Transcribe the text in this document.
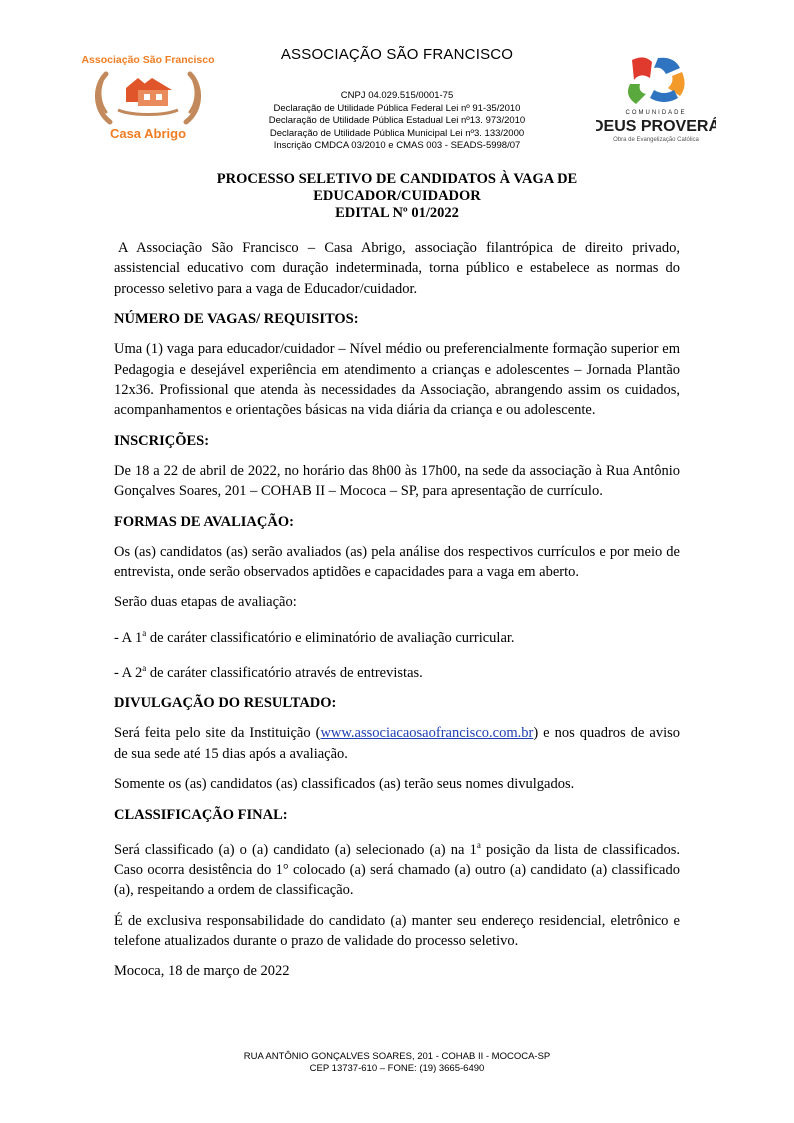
Associação São Francisco
Casa Abrigo
ASSOCIAÇÃO SÃO FRANCISCO
CNPJ 04.029.515/0001-75
Declaração de Utilidade Pública Federal Lei nº 91-35/2010
Declaração de Utilidade Pública Estadual Lei nº13. 973/2010
Declaração de Utilidade Pública Municipal Lei nº3. 133/2000
Inscrição CMDCA 03/2010 e CMAS 003 - SEADS-5998/07
COMUNIDADE
DEUS PROVERÁ
Obra de Evangelização Católica
PROCESSO SELETIVO DE CANDIDATOS À VAGA DE
EDUCADOR/CUIDADOR
EDITAL Nº 01/2022

A Associação São Francisco – Casa Abrigo, associação filantrópica de direito privado, assistencial educativo com duração indeterminada, torna público e estabelece as normas do processo seletivo para a vaga de Educador/cuidador.

NÚMERO DE VAGAS/ REQUISITOS:

Uma (1) vaga para educador/cuidador – Nível médio ou preferencialmente formação superior em Pedagogia e desejável experiência em atendimento a crianças e adolescentes – Jornada Plantão 12x36. Profissional que atenda às necessidades da Associação, abrangendo assim os cuidados, acompanhamentos e orientações básicas na vida diária da criança e ou adolescente.

INSCRIÇÕES:

De 18 a 22 de abril de 2022, no horário das 8h00 às 17h00, na sede da associação à Rua Antônio Gonçalves Soares, 201 – COHAB II – Mococa – SP, para apresentação de currículo.

FORMAS DE AVALIAÇÃO:

Os (as) candidatos (as) serão avaliados (as) pela análise dos respectivos currículos e por meio de entrevista, onde serão observados aptidões e capacidades para a vaga em aberto.

Serão duas etapas de avaliação:

- A 1$^a$ de caráter classificatório e eliminatório de avaliação curricular.

- A 2$^a$ de caráter classificatório através de entrevistas.

DIVULGAÇÃO DO RESULTADO:

Será feita pelo site da Instituição (www.associacaosaofrancisco.com.br) e nos quadros de aviso de sua sede até 15 dias após a avaliação.

Somente os (as) candidatos (as) classificados (as) terão seus nomes divulgados.

CLASSIFICAÇÃO FINAL:

Será classificado (a) o (a) candidato (a) selecionado (a) na 1$^a$ posição da lista de classificados. Caso ocorra desistência do 1° colocado (a) será chamado (a) outro (a) candidato (a) classificado (a), respeitando a ordem de classificação.

É de exclusiva responsabilidade do candidato (a) manter seu endereço residencial, eletrônico e telefone atualizados durante o prazo de validade do processo seletivo.

Mococa, 18 de março de 2022

RUA ANTÔNIO GONÇALVES SOARES, 201 - COHAB II - MOCOCA-SP
CEP 13737-610 – FONE: (19) 3665-6490
